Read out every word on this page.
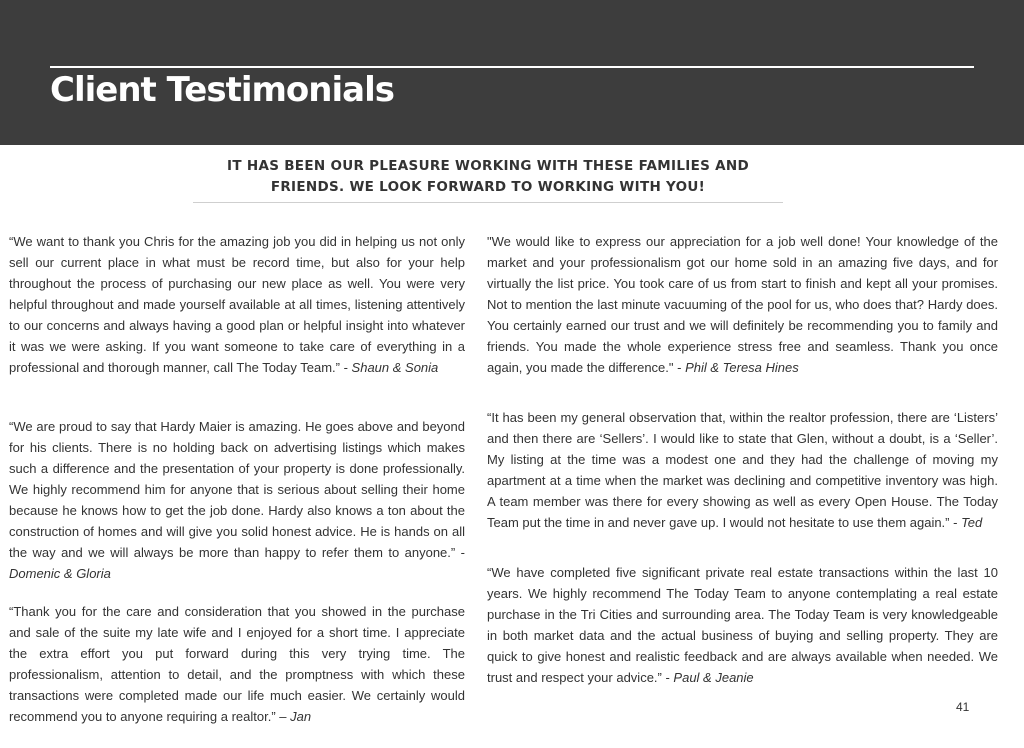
Client Testimonials
IT HAS BEEN OUR PLEASURE WORKING WITH THESE FAMILIES AND FRIENDS. WE LOOK FORWARD TO WORKING WITH YOU!

“We want to thank you Chris for the amazing job you did in helping us not only sell our current place in what must be record time, but also for your help throughout the process of purchasing our new place as well. You were very helpful throughout and made yourself available at all times, listening attentively to our concerns and always having a good plan or helpful insight into whatever it was we were asking. If you want someone to take care of everything in a professional and thorough manner, call The Today Team.” - Shaun & Sonia

“We are proud to say that Hardy Maier is amazing. He goes above and beyond for his clients. There is no holding back on advertising listings which makes such a difference and the presentation of your property is done professionally. We highly recommend him for anyone that is serious about selling their home because he knows how to get the job done. Hardy also knows a ton about the construction of homes and will give you solid honest advice. He is hands on all the way and we will always be more than happy to refer them to anyone.” - Domenic & Gloria

“Thank you for the care and consideration that you showed in the purchase and sale of the suite my late wife and I enjoyed for a short time. I appreciate the extra effort you put forward during this very trying time. The professionalism, attention to detail, and the promptness with which these transactions were completed made our life much easier. We certainly would recommend you to anyone requiring a realtor.” – Jan

"We would like to express our appreciation for a job well done! Your knowledge of the market and your professionalism got our home sold in an amazing five days, and for virtually the list price. You took care of us from start to finish and kept all your promises. Not to mention the last minute vacuuming of the pool for us, who does that? Hardy does. You certainly earned our trust and we will definitely be recommending you to family and friends. You made the whole experience stress free and seamless. Thank you once again, you made the difference." - Phil & Teresa Hines

“It has been my general observation that, within the realtor profession, there are ‘Listers’ and then there are ‘Sellers’. I would like to state that Glen, without a doubt, is a ‘Seller’. My listing at the time was a modest one and they had the challenge of moving my apartment at a time when the market was declining and competitive inventory was high. A team member was there for every showing as well as every Open House. The Today Team put the time in and never gave up. I would not hesitate to use them again.” - Ted

“We have completed five significant private real estate transactions within the last 10 years. We highly recommend The Today Team to anyone contemplating a real estate purchase in the Tri Cities and surrounding area. The Today Team is very knowledgeable in both market data and the actual business of buying and selling property. They are quick to give honest and realistic feedback and are always available when needed. We trust and respect your advice.” - Paul & Jeanie

41
